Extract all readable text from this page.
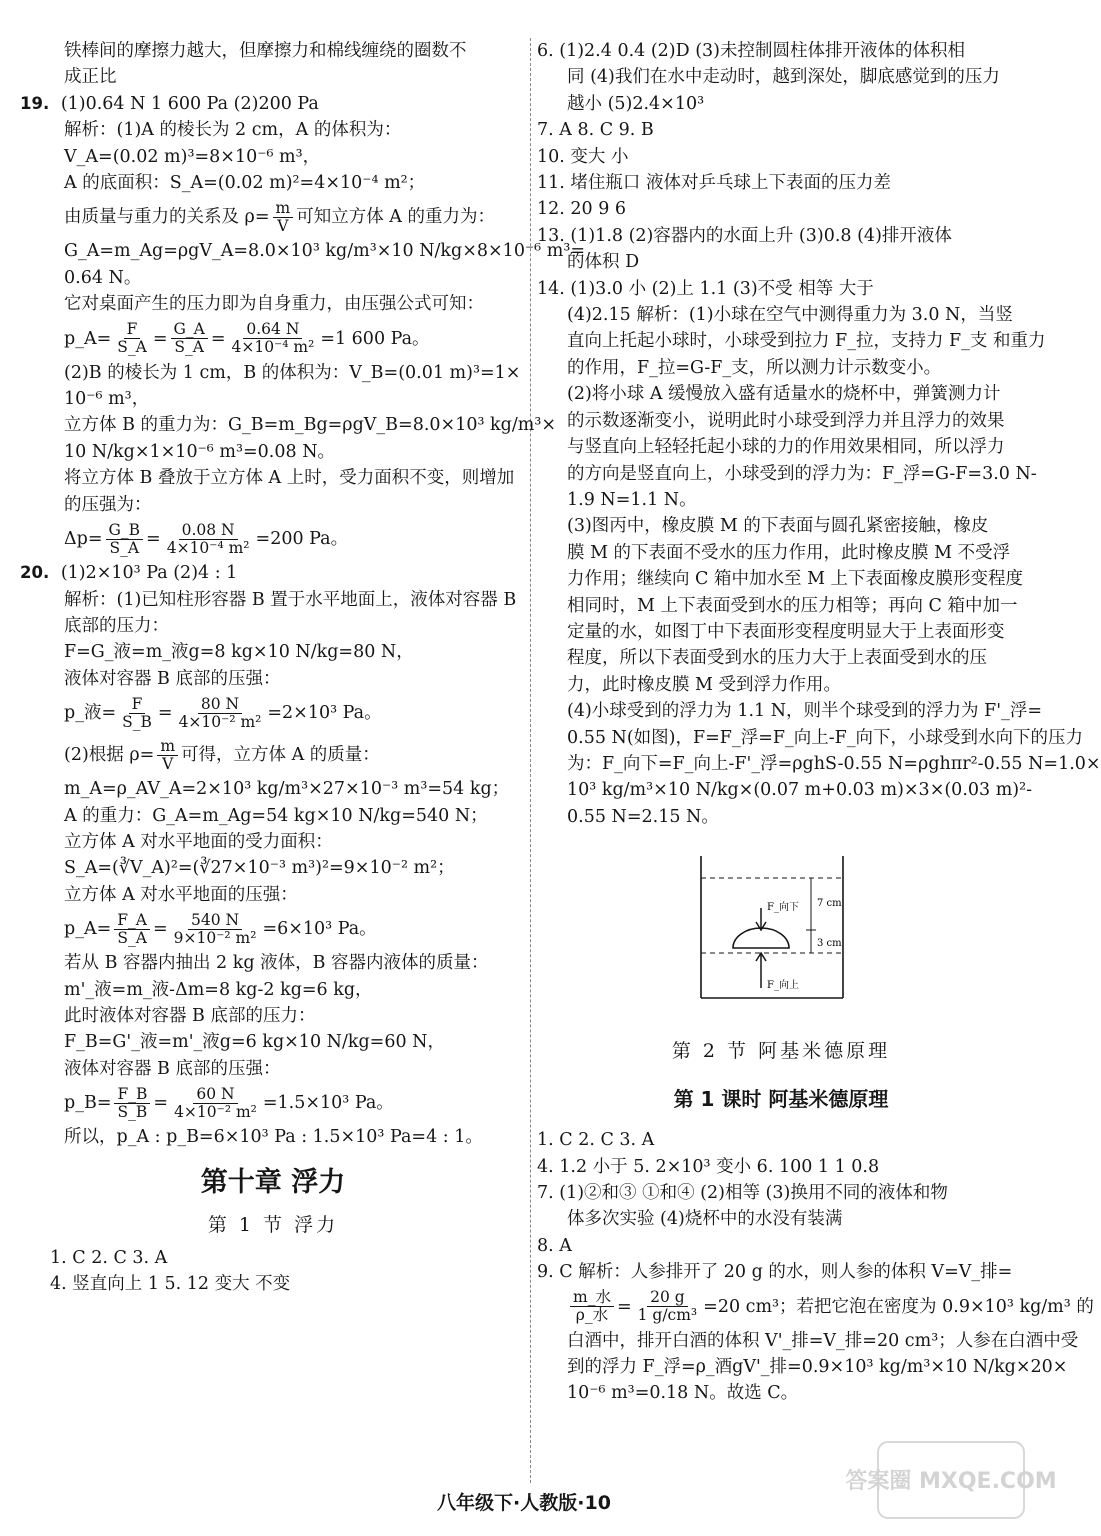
铁棒间的摩擦力越大，但摩擦力和棉线缠绕的圈数不
成正比
19. (1)0.64 N 1 600 Pa (2)200 Pa
解析：(1)A 的棱长为 2 cm，A 的体积为：
V_A=(0.02 m)³=8×10⁻⁶ m³，
A 的底面积：S_A=(0.02 m)²=4×10⁻⁴ m²；
由质量与重力的关系及 $\rho= \frac{m}{V}$ 可知立方体 A 的重力为：
G_A=m_Ag=ρgV_A=8.0×10³ kg/m³×10 N/kg×8×10⁻⁶ m³=
0.64 N。
它对桌面产生的压力即为自身重力，由压强公式可知：
p_A= $\frac{F}{S\_A} = \frac{G\_A}{S\_A} = \frac{0.64 N}{\text{4×10⁻⁴ m²}} =1$ 600 Pa。
(2)B 的棱长为 1 cm，B 的体积为：V_B=(0.01 m)³=1×
10⁻⁶ m³，
立方体 B 的重力为：G_B=m_Bg=ρgV_B=8.0×10³ kg/m³×
10 N/kg×1×10⁻⁶ m³=0.08 N。
将立方体 B 叠放于立方体 A 上时，受力面积不变，则增加
的压强为：
$\Delta p= \frac{G\_B}{S\_A} = \frac{0.08 N}{\text{4×10⁻⁴ m²}} =200$ Pa。
20. (1)2×10³ Pa (2)4 : 1
解析：(1)已知柱形容器 B 置于水平地面上，液体对容器 B
底部的压力：
F=G_液=m_液g=8 kg×10 N/kg=80 N，
液体对容器 B 底部的压强：
p_液= $\frac{F}{S\_B} = \frac{80 N}{\text{4×10⁻² m²}} =2\times 10^3$ Pa。
(2)根据 $\rho= \frac{m}{V}$ 可得，立方体 A 的质量：
m_A=ρ_AV_A=2×10³ kg/m³×27×10⁻³ m³=54 kg；
A 的重力：G_A=m_Ag=54 kg×10 N/kg=540 N；
立方体 A 对水平地面的受力面积：
S_A=(∛V_A)²=(∛27×10⁻³ m³)²=9×10⁻² m²；
立方体 A 对水平地面的压强：
p_A= $\frac{F\_A}{S\_A} = \frac{540 N}{\text{9×10⁻² m²}} =6\times 10^3$ Pa。
若从 B 容器内抽出 2 kg 液体，B 容器内液体的质量：
m'_液=m_液-Δm=8 kg-2 kg=6 kg，
此时液体对容器 B 底部的压力：
F_B=G'_液=m'_液g=6 kg×10 N/kg=60 N，
液体对容器 B 底部的压强：
p_B= $\frac{F\_B}{S\_B} = \frac{60 N}{\text{4×10⁻² m²}} =1.5\times 10^3$ Pa。
所以，p_A : p_B=6×10³ Pa : 1.5×10³ Pa=4 : 1。
第十章 浮力
第 1 节 浮力
1. C 2. C 3. A
4. 竖直向上 1 5. 12 变大 不变
6. (1)2.4 0.4 (2)D (3)未控制圆柱体排开液体的体积相
同 (4)我们在水中走动时，越到深处，脚底感觉到的压力
越小 (5)2.4×10³
7. A 8. C 9. B
10. 变大 小
11. 堵住瓶口 液体对乒乓球上下表面的压力差
12. 20 9 6
13. (1)1.8 (2)容器内的水面上升 (3)0.8 (4)排开液体
的体积 D
14. (1)3.0 小 (2)上 1.1 (3)不受 相等 大于
(4)2.15 解析：(1)小球在空气中测得重力为 3.0 N，当竖
直向上托起小球时，小球受到拉力 F_拉，支持力 F_支 和重力
的作用，F_拉=G-F_支，所以测力计示数变小。
(2)将小球 A 缓慢放入盛有适量水的烧杯中，弹簧测力计
的示数逐渐变小，说明此时小球受到浮力并且浮力的效果
与竖直向上轻轻托起小球的力的作用效果相同，所以浮力
的方向是竖直向上，小球受到的浮力为：F_浮=G-F=3.0 N-
1.9 N=1.1 N。
(3)图丙中，橡皮膜 M 的下表面与圆孔紧密接触，橡皮
膜 M 的下表面不受水的压力作用，此时橡皮膜 M 不受浮
力作用；继续向 C 箱中加水至 M 上下表面橡皮膜形变程度
相同时，M 上下表面受到水的压力相等；再向 C 箱中加一
定量的水，如图丁中下表面形变程度明显大于上表面形变
程度，所以下表面受到水的压力大于上表面受到水的压
力，此时橡皮膜 M 受到浮力作用。
(4)小球受到的浮力为 1.1 N，则半个球受到的浮力为 F'_浮=
0.55 N(如图)，F=F_浮=F_向上-F_向下，小球受到水向下的压力
为：F_向下=F_向上-F'_浮=ρghS-0.55 N=ρghπr²-0.55 N=1.0×
10³ kg/m³×10 N/kg×(0.07 m+0.03 m)×3×(0.03 m)²-
0.55 N=2.15 N。
F_向下
F_向上
7 cm
3 cm
第 2 节 阿基米德原理
第 1 课时 阿基米德原理
1. C 2. C 3. A
4. 1.2 小于 5. 2×10³ 变小 6. 100 1 1 0.8
7. (1)②和③ ①和④ (2)相等 (3)换用不同的液体和物
体多次实验 (4)烧杯中的水没有装满
8. A
9. C 解析：人参排开了 20 g 的水，则人参的体积 V=V_排=
$\frac{\text{m\_水}}{\text{ρ\_水}} = \frac{20 g}{\text{1 g/cm³}} =20$ cm³；若把它泡在密度为 0.9×10³ kg/m³ 的
白酒中，排开白酒的体积 V'_排=V_排=20 cm³；人参在白酒中受
到的浮力 F_浮=ρ_酒gV'_排=0.9×10³ kg/m³×10 N/kg×20×
10⁻⁶ m³=0.18 N。故选 C。
八年级下·人教版·10
答案圈 MXQE.COM
